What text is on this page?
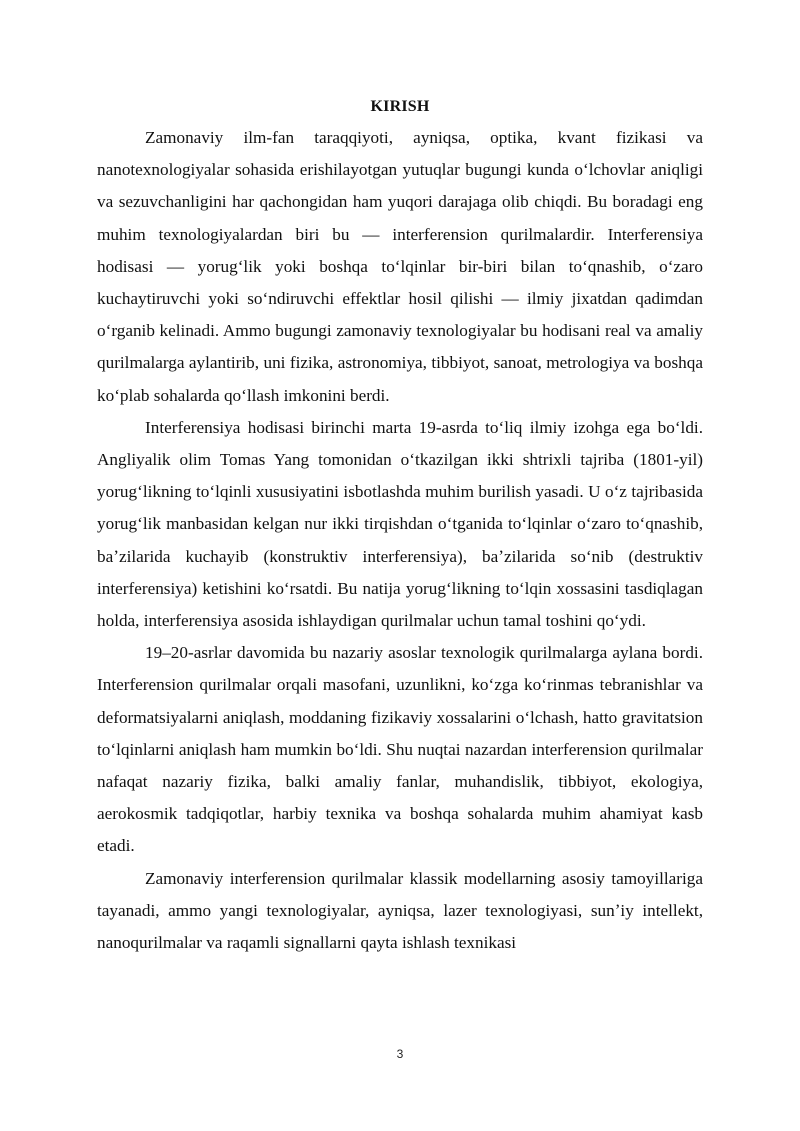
KIRISH

Zamonaviy ilm-fan taraqqiyoti, ayniqsa, optika, kvant fizikasi va nanotexnologiyalar sohasida erishilayotgan yutuqlar bugungi kunda oʻlchovlar aniqligi va sezuvchanligini har qachongidan ham yuqori darajaga olib chiqdi. Bu boradagi eng muhim texnologiyalardan biri bu — interferension qurilmalardir. Interferensiya hodisasi — yorugʻlik yoki boshqa toʻlqinlar bir-biri bilan toʻqnashib, oʻzaro kuchaytiruvchi yoki soʻndiruvchi effektlar hosil qilishi — ilmiy jixatdan qadimdan oʻrganib kelinadi. Ammo bugungi zamonaviy texnologiyalar bu hodisani real va amaliy qurilmalarga aylantirib, uni fizika, astronomiya, tibbiyot, sanoat, metrologiya va boshqa koʻplab sohalarda qoʻllash imkonini berdi.

Interferensiya hodisasi birinchi marta 19-asrda toʻliq ilmiy izohga ega boʻldi. Angliyalik olim Tomas Yang tomonidan oʻtkazilgan ikki shtrixli tajriba (1801-yil) yorugʻlikning toʻlqinli xususiyatini isbotlashda muhim burilish yasadi. U oʻz tajribasida yorugʻlik manbasidan kelgan nur ikki tirqishdan oʻtganida toʻlqinlar oʻzaro toʻqnashib, baʼzilarida kuchayib (konstruktiv interferensiya), baʼzilarida soʻnib (destruktiv interferensiya) ketishini koʻrsatdi. Bu natija yorugʻlikning toʻlqin xossasini tasdiqlagan holda, interferensiya asosida ishlaydigan qurilmalar uchun tamal toshini qoʻydi.

19–20-asrlar davomida bu nazariy asoslar texnologik qurilmalarga aylana bordi. Interferension qurilmalar orqali masofani, uzunlikni, koʻzga koʻrinmas tebranishlar va deformatsiyalarni aniqlash, moddaning fizikaviy xossalarini oʻlchash, hatto gravitatsion toʻlqinlarni aniqlash ham mumkin boʻldi. Shu nuqtai nazardan interferension qurilmalar nafaqat nazariy fizika, balki amaliy fanlar, muhandislik, tibbiyot, ekologiya, aerokosmik tadqiqotlar, harbiy texnika va boshqa sohalarda muhim ahamiyat kasb etadi.

Zamonaviy interferension qurilmalar klassik modellarning asosiy tamoyillariga tayanadi, ammo yangi texnologiyalar, ayniqsa, lazer texnologiyasi, sunʼiy intellekt, nanoqurilmalar va raqamli signallarni qayta ishlash texnikasi

3
